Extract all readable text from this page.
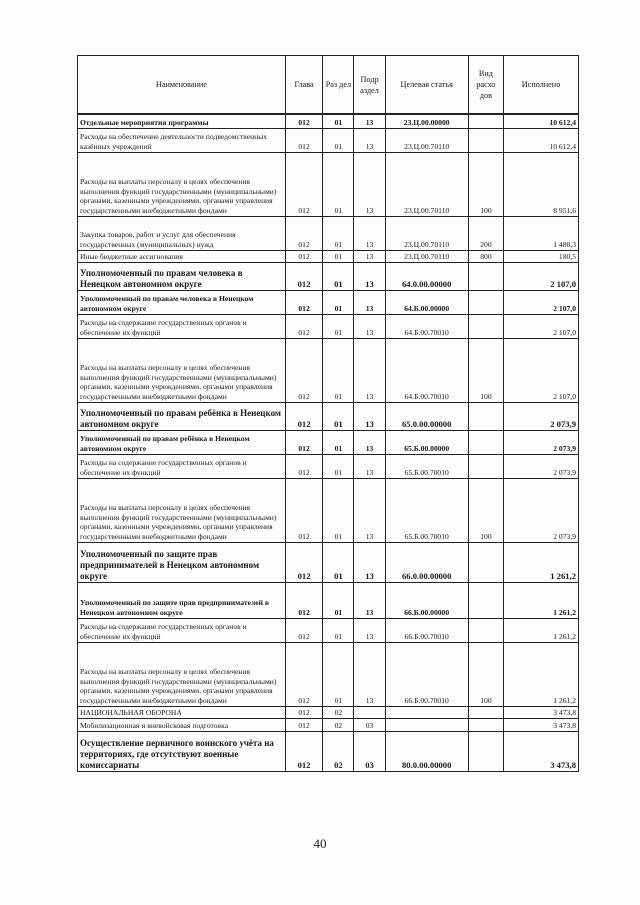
Наименование	Глава	Раз дел	Подр аздел	Целевая статья	Вид расхо дов	Исполнено
Отдельные мероприятия программы	012	01	13	23.Ц.00.00000		10 612,4
Расходы на обеспечение деятельности подведомственных казённых учреждений	012	01	13	23.Ц.00.70110		10 612,4
Расходы на выплаты персоналу в целях обеспечения выполнения функций государственными (муниципальными) органами, казенными учреждениями, органами управления государственными внебюджетными фондами	012	01	13	23.Ц.00.70110	100	8 951,6
Закупка товаров, работ и услуг для обеспечения государственных (муниципальных) нужд	012	01	13	23.Ц.00.70110	200	1 480,3
Иные бюджетные ассигнования	012	01	13	23.Ц.00.70110	800	180,5
Уполномоченный по правам человека в Ненецком автономном округе	012	01	13	64.0.00.00000		2 107,0
Уполномоченный по правам человека в Ненецком автономном округе	012	01	13	64.Б.00.00000		2 107,0
Расходы на содержание государственных органов и обеспечение их функций	012	01	13	64.Б.00.70010		2 107,0
Расходы на выплаты персоналу в целях обеспечения выполнения функций государственными (муниципальными) органами, казенными учреждениями, органами управления государственными внебюджетными фондами	012	01	13	64.Б.00.70010	100	2 107,0
Уполномоченный по правам ребёнка в Ненецком автономном округе	012	01	13	65.0.00.00000		2 073,9
Уполномоченный по правам ребёнка в Ненецком автономном округе	012	01	13	65.Б.00.00000		2 073,9
Расходы на содержание государственных органов и обеспечение их функций	012	01	13	65.Б.00.70010		2 073,9
Расходы на выплаты персоналу в целях обеспечения выполнения функций государственными (муниципальными) органами, казенными учреждениями, органами управления государственными внебюджетными фондами	012	01	13	65.Б.00.70010	100	2 073,9
Уполномоченный по защите прав предпринимателей в Ненецком автономном округе	012	01	13	66.0.00.00000		1 261,2
Уполномоченный по защите прав предпринимателей в Ненецком автономном округе	012	01	13	66.Б.00.00000		1 261,2
Расходы на содержание государственных органов и обеспечение их функций	012	01	13	66.Б.00.70010		1 261,2
Расходы на выплаты персоналу в целях обеспечения выполнения функций государственными (муниципальными) органами, казенными учреждениями, органами управления государственными внебюджетными фондами	012	01	13	66.Б.00.70010	100	1 261,2
НАЦИОНАЛЬНАЯ ОБОРОНА	012	02				3 473,8
Мобилизационная и вневойсковая подготовка	012	02	03			3 473,8
Осуществление первичного воинского учёта на территориях, где отсутствуют военные комиссариаты	012	02	03	80.0.00.00000		3 473,8
40
